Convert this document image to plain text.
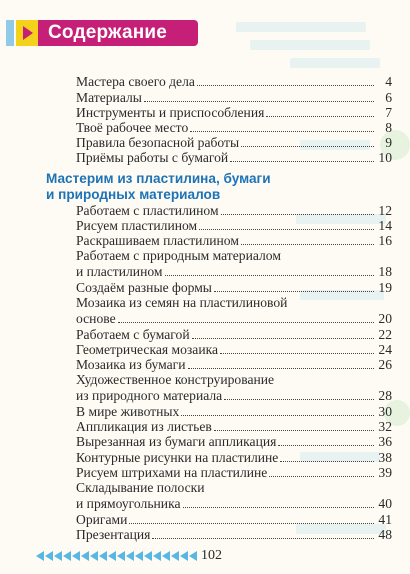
Содержание
Мастера своего дела	4
Материалы	6
Инструменты и приспособления	7
Твоё рабочее место	8
Правила безопасной работы	9
Приёмы работы с бумагой	10
Мастерим из пластилина, бумаги
и природных материалов
Работаем с пластилином	12
Рисуем пластилином	14
Раскрашиваем пластилином	16
Работаем с природным материалом
и пластилином	18
Создаём разные формы	19
Мозаика из семян на пластилиновой
основе	20
Работаем с бумагой	22
Геометрическая мозаика	24
Мозаика из бумаги	26
Художественное конструирование
из природного материала	28
В мире животных	30
Аппликация из листьев	32
Вырезанная из бумаги аппликация	36
Контурные рисунки на пластилине	38
Рисуем штрихами на пластилине	39
Складывание полоски
и прямоугольника	40
Оригами	41
Презентация	48
102
